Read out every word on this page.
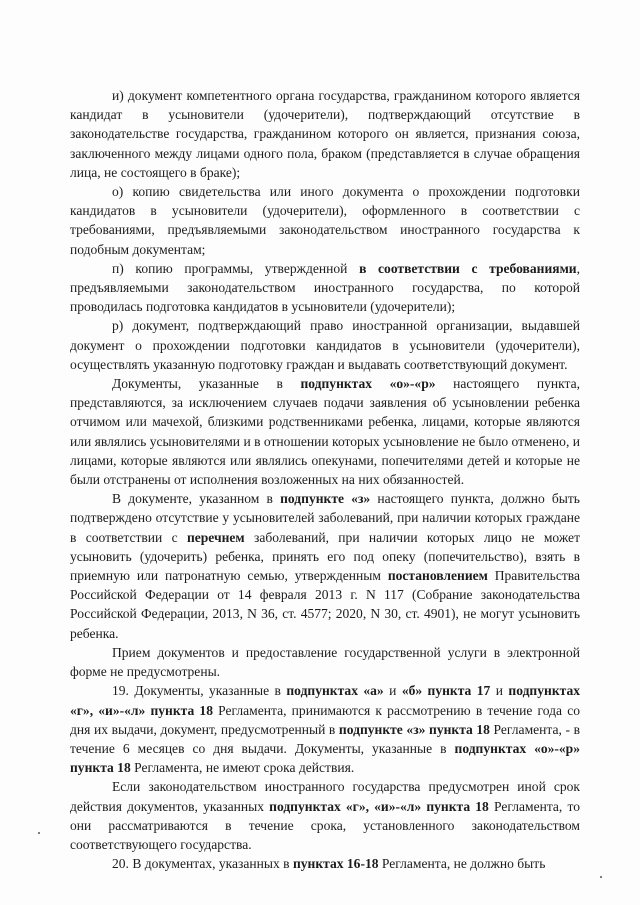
и) документ компетентного органа государства, гражданином которого является кандидат в усыновители (удочерители), подтверждающий отсутствие в законодательстве государства, гражданином которого он является, признания союза, заключенного между лицами одного пола, браком (представляется в случае обращения лица, не состоящего в браке);

о) копию свидетельства или иного документа о прохождении подготовки кандидатов в усыновители (удочерители), оформленного в соответствии с требованиями, предъявляемыми законодательством иностранного государства к подобным документам;

п) копию программы, утвержденной в соответствии с требованиями, предъявляемыми законодательством иностранного государства, по которой проводилась подготовка кандидатов в усыновители (удочерители);

р) документ, подтверждающий право иностранной организации, выдавшей документ о прохождении подготовки кандидатов в усыновители (удочерители), осуществлять указанную подготовку граждан и выдавать соответствующий документ.

Документы, указанные в подпунктах «о»-«р» настоящего пункта, представляются, за исключением случаев подачи заявления об усыновлении ребенка отчимом или мачехой, близкими родственниками ребенка, лицами, которые являются или являлись усыновителями и в отношении которых усыновление не было отменено, и лицами, которые являются или являлись опекунами, попечителями детей и которые не были отстранены от исполнения возложенных на них обязанностей.

В документе, указанном в подпункте «з» настоящего пункта, должно быть подтверждено отсутствие у усыновителей заболеваний, при наличии которых граждане в соответствии с перечнем заболеваний, при наличии которых лицо не может усыновить (удочерить) ребенка, принять его под опеку (попечительство), взять в приемную или патронатную семью, утвержденным постановлением Правительства Российской Федерации от 14 февраля 2013 г. N 117 (Собрание законодательства Российской Федерации, 2013, N 36, ст. 4577; 2020, N 30, ст. 4901), не могут усыновить ребенка.

Прием документов и предоставление государственной услуги в электронной форме не предусмотрены.

19. Документы, указанные в подпунктах «а» и «б» пункта 17 и подпунктах «г», «и»-«л» пункта 18 Регламента, принимаются к рассмотрению в течение года со дня их выдачи, документ, предусмотренный в подпункте «з» пункта 18 Регламента, - в течение 6 месяцев со дня выдачи. Документы, указанные в подпунктах «о»-«р» пункта 18 Регламента, не имеют срока действия.

Если законодательством иностранного государства предусмотрен иной срок действия документов, указанных подпунктах «г», «и»-«л» пункта 18 Регламента, то они рассматриваются в течение срока, установленного законодательством соответствующего государства.

20. В документах, указанных в пунктах 16-18 Регламента, не должно быть
